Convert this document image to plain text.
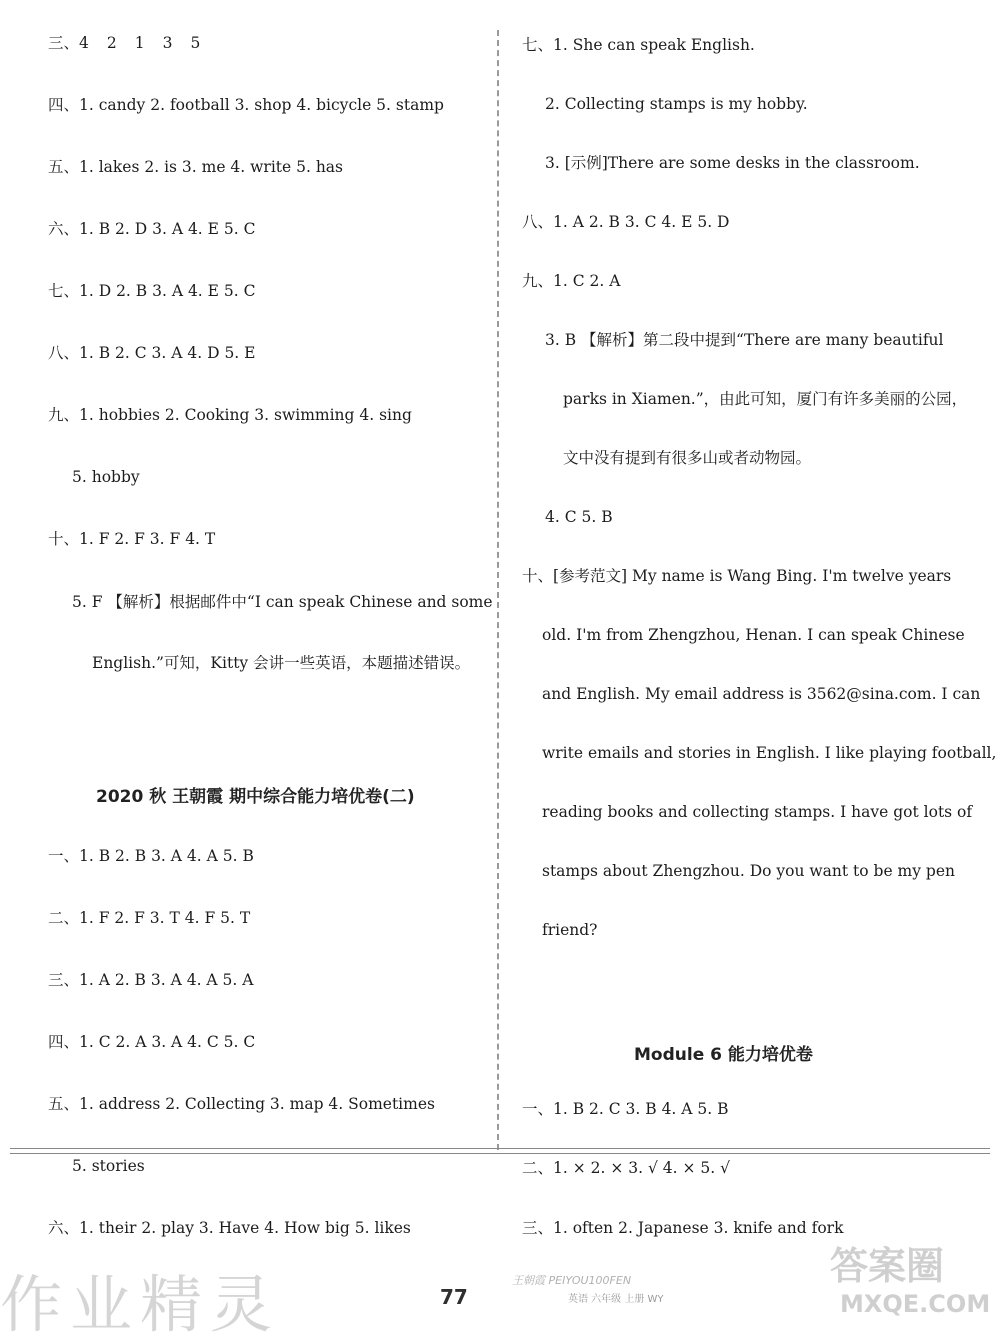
三、4 2 1 3 5
四、1. candy 2. football 3. shop 4. bicycle 5. stamp
五、1. lakes 2. is 3. me 4. write 5. has
六、1. B 2. D 3. A 4. E 5. C
七、1. D 2. B 3. A 4. E 5. C
八、1. B 2. C 3. A 4. D 5. E
九、1. hobbies 2. Cooking 3. swimming 4. sing
5. hobby
十、1. F 2. F 3. F 4. T
5. F 【解析】根据邮件中“I can speak Chinese and some
English.”可知，Kitty 会讲一些英语，本题描述错误。
2020 秋 王朝霞 期中综合能力培优卷(二)
一、1. B 2. B 3. A 4. A 5. B
二、1. F 2. F 3. T 4. F 5. T
三、1. A 2. B 3. A 4. A 5. A
四、1. C 2. A 3. A 4. C 5. C
五、1. address 2. Collecting 3. map 4. Sometimes
5. stories
六、1. their 2. play 3. Have 4. How big 5. likes
七、1. She can speak English.
2. Collecting stamps is my hobby.
3. [示例]There are some desks in the classroom.
八、1. A 2. B 3. C 4. E 5. D
九、1. C 2. A
3. B 【解析】第二段中提到“There are many beautiful
parks in Xiamen.”，由此可知，厦门有许多美丽的公园，
文中没有提到有很多山或者动物园。
4. C 5. B
十、[参考范文] My name is Wang Bing. I'm twelve years
old. I'm from Zhengzhou, Henan. I can speak Chinese
and English. My email address is 3562@sina.com. I can
write emails and stories in English. I like playing football,
reading books and collecting stamps. I have got lots of
stamps about Zhengzhou. Do you want to be my pen
friend?
Module 6 能力培优卷
一、1. B 2. C 3. B 4. A 5. B
二、1. × 2. × 3. √ 4. × 5. √
三、1. often 2. Japanese 3. knife and fork
作业精灵	77
王朝霞 PEIYOU100FEN
英语 六年级 上册 WY
答案圈
MXQE.COM
